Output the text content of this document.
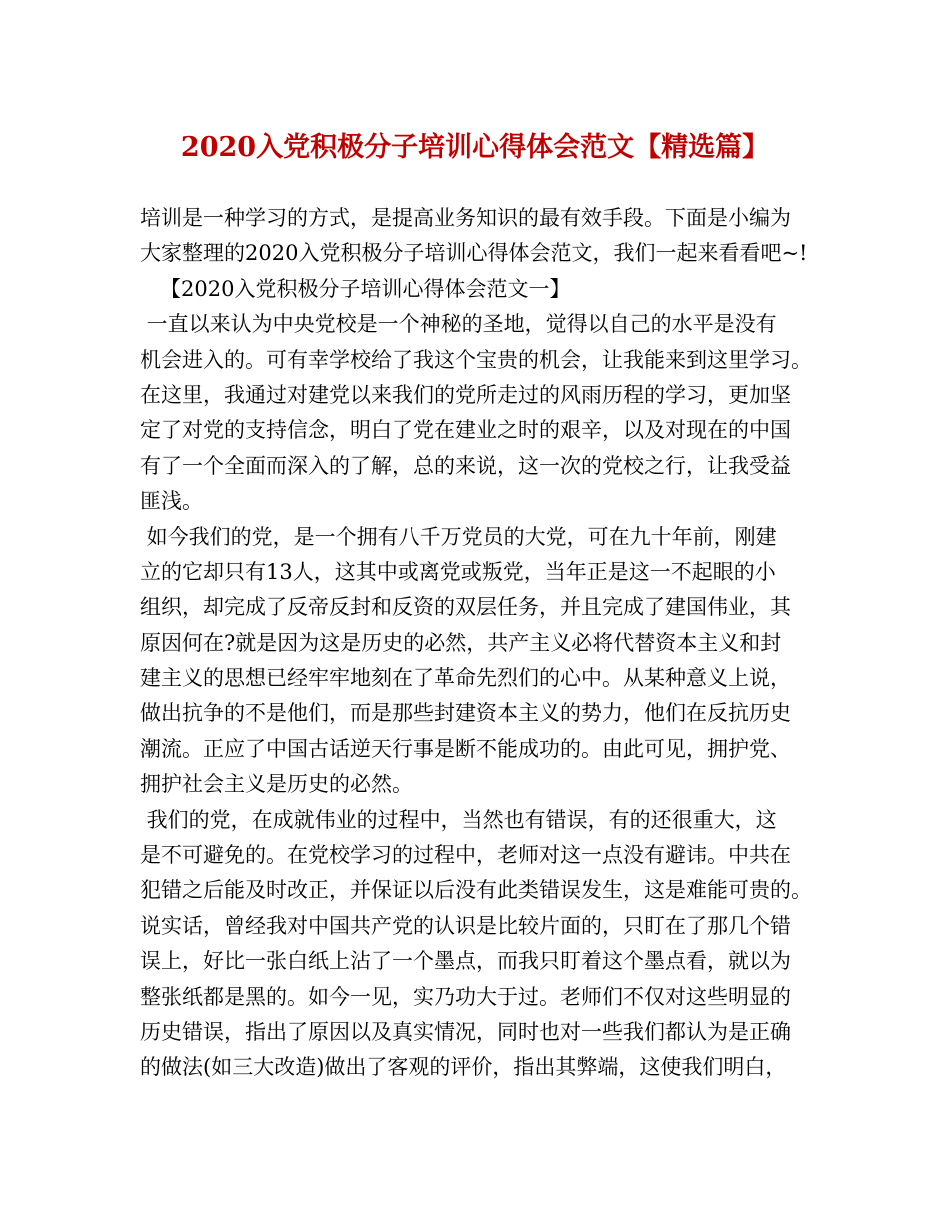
2020入党积极分子培训心得体会范文【精选篇】
培训是一种学习的方式，是提高业务知识的最有效手段。下面是小编为
大家整理的2020入党积极分子培训心得体会范文，我们一起来看看吧~!
【2020入党积极分子培训心得体会范文一】
一直以来认为中央党校是一个神秘的圣地，觉得以自己的水平是没有
机会进入的。可有幸学校给了我这个宝贵的机会，让我能来到这里学习。
在这里，我通过对建党以来我们的党所走过的风雨历程的学习，更加坚
定了对党的支持信念，明白了党在建业之时的艰辛，以及对现在的中国
有了一个全面而深入的了解，总的来说，这一次的党校之行，让我受益
匪浅。
如今我们的党，是一个拥有八千万党员的大党，可在九十年前，刚建
立的它却只有13人，这其中或离党或叛党，当年正是这一不起眼的小
组织，却完成了反帝反封和反资的双层任务，并且完成了建国伟业，其
原因何在?就是因为这是历史的必然，共产主义必将代替资本主义和封
建主义的思想已经牢牢地刻在了革命先烈们的心中。从某种意义上说，
做出抗争的不是他们，而是那些封建资本主义的势力，他们在反抗历史
潮流。正应了中国古话逆天行事是断不能成功的。由此可见，拥护党、
拥护社会主义是历史的必然。
我们的党，在成就伟业的过程中，当然也有错误，有的还很重大，这
是不可避免的。在党校学习的过程中，老师对这一点没有避讳。中共在
犯错之后能及时改正，并保证以后没有此类错误发生，这是难能可贵的。
说实话，曾经我对中国共产党的认识是比较片面的，只盯在了那几个错
误上，好比一张白纸上沾了一个墨点，而我只盯着这个墨点看，就以为
整张纸都是黑的。如今一见，实乃功大于过。老师们不仅对这些明显的
历史错误，指出了原因以及真实情况，同时也对一些我们都认为是正确
的做法(如三大改造)做出了客观的评价，指出其弊端，这使我们明白，
